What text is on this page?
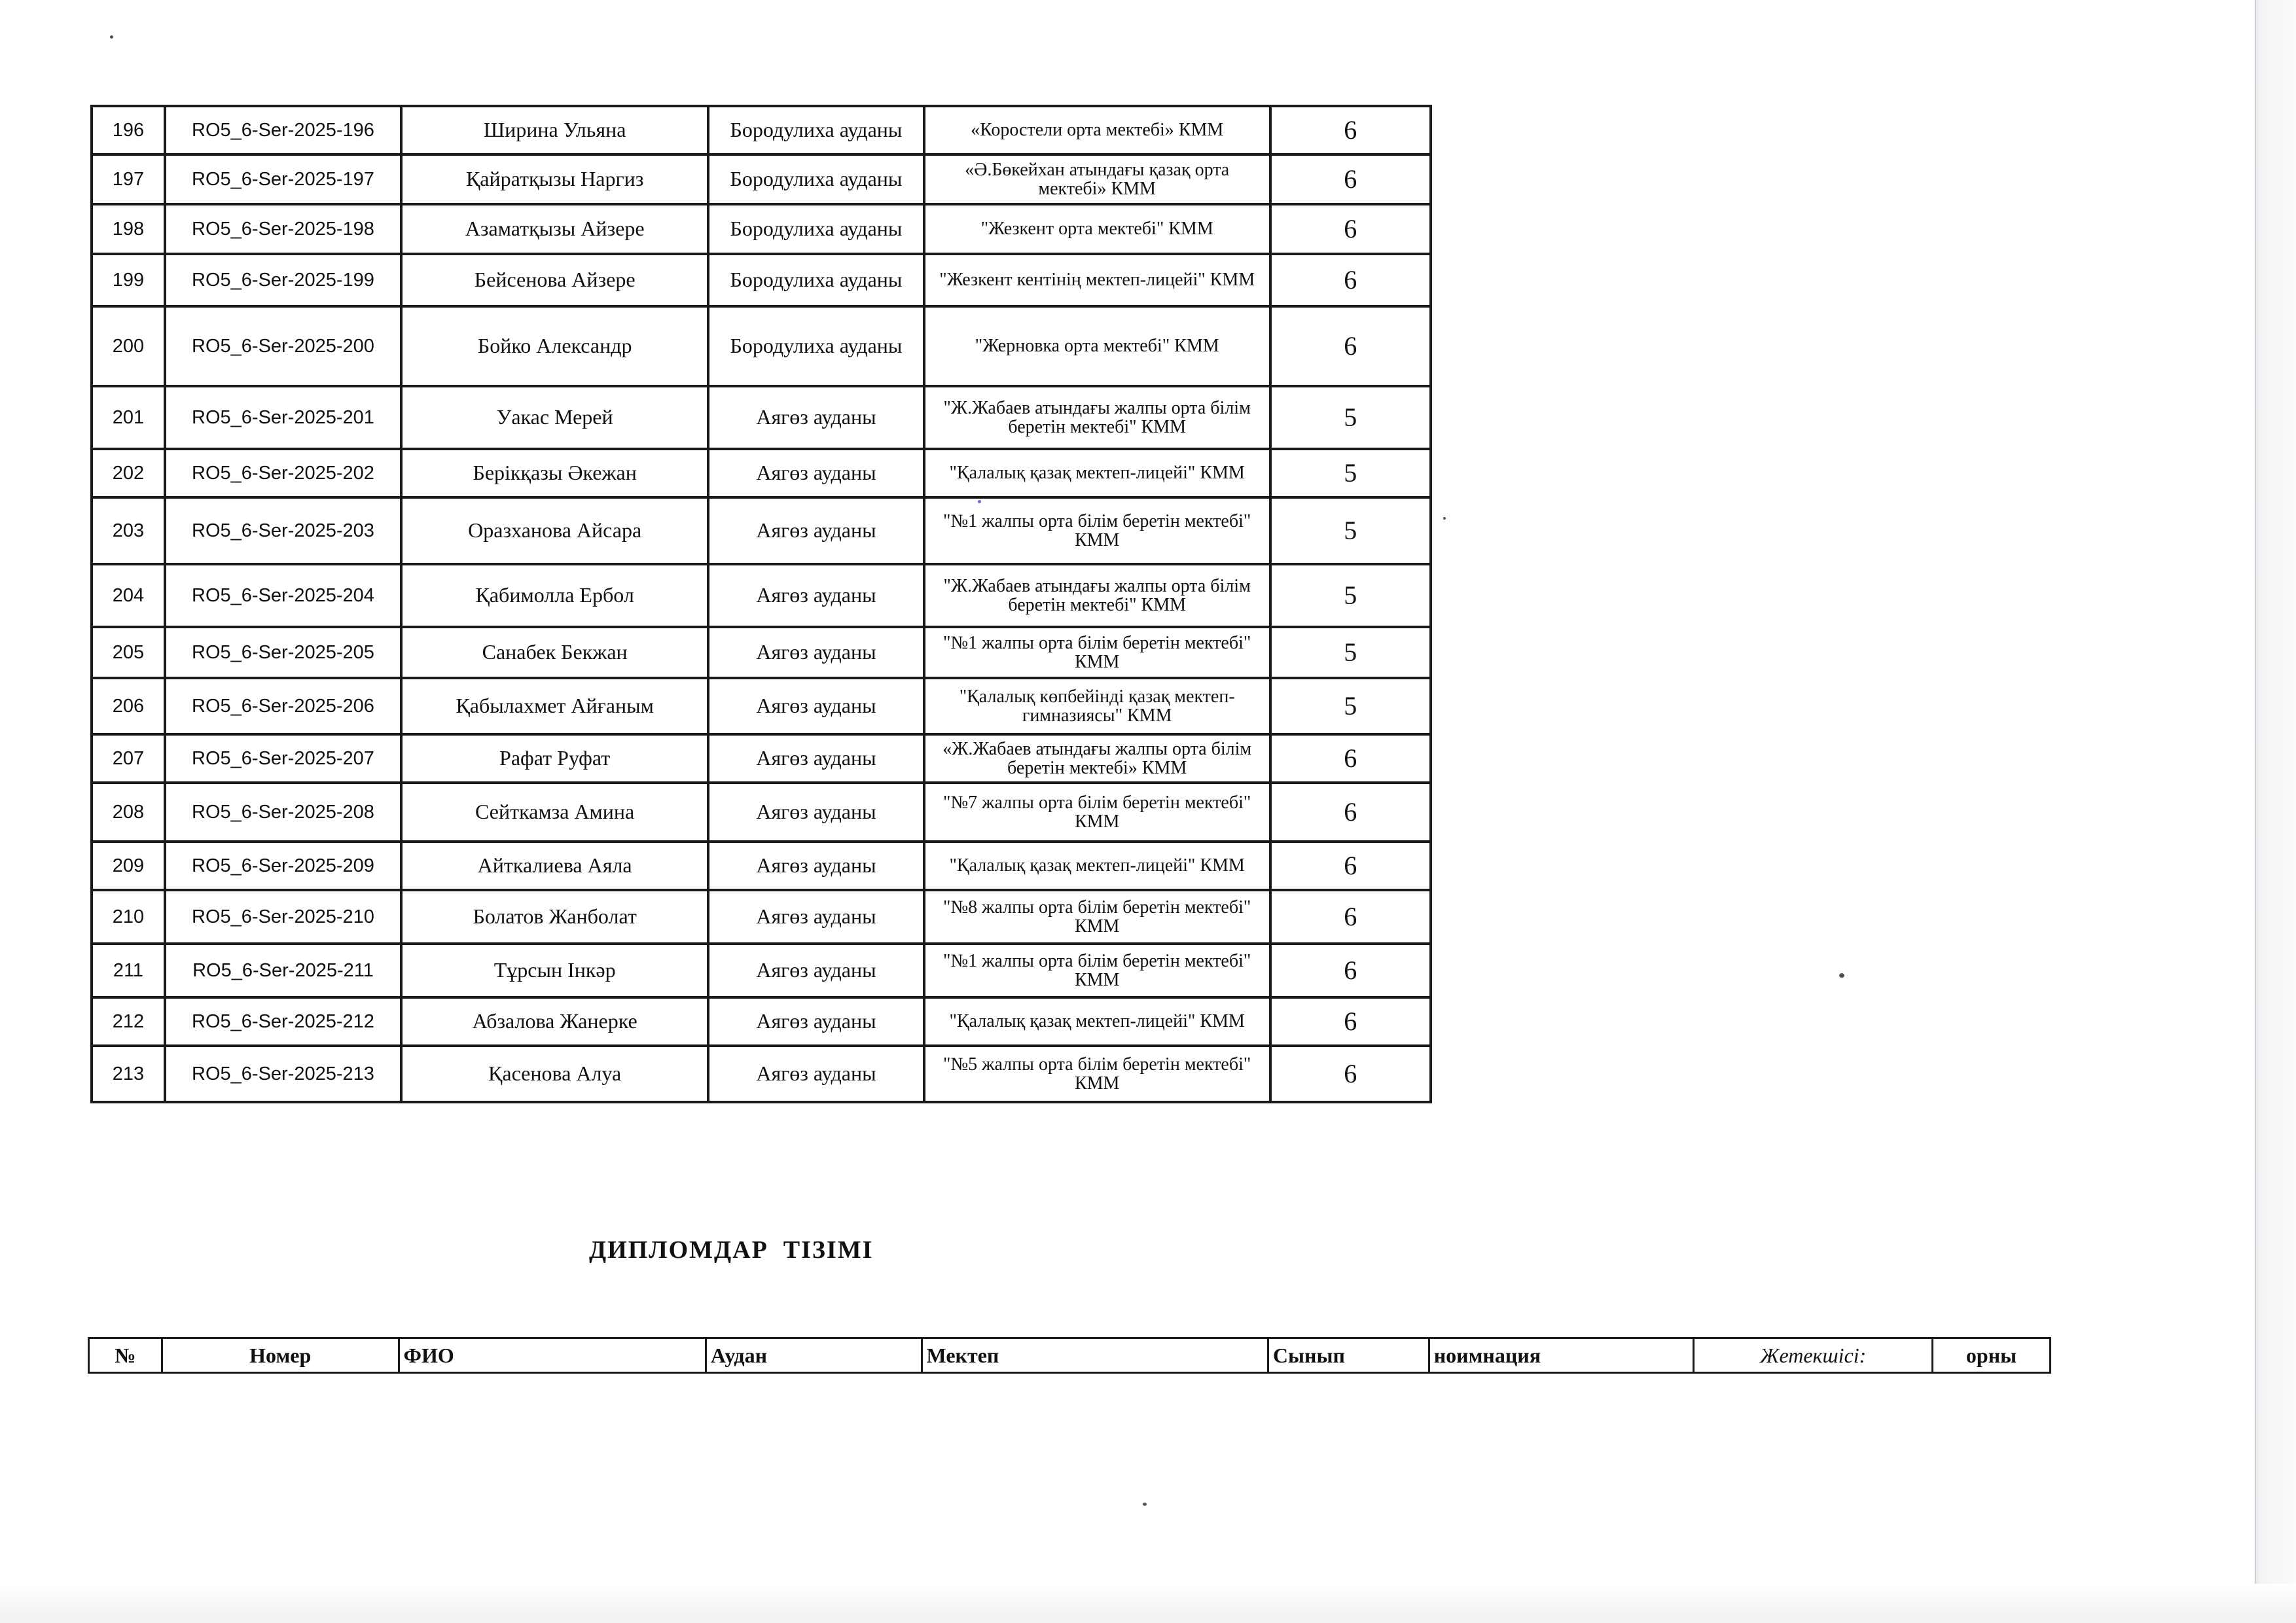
196	RO5_6-Ser-2025-196	Ширина Ульяна	Бородулиха ауданы	«Коростели орта мектебі» КММ	6
197	RO5_6-Ser-2025-197	Қайратқызы Наргиз	Бородулиха ауданы	«Ә.Бөкейхан атындағы қазақ орта мектебі» КММ	6
198	RO5_6-Ser-2025-198	Азаматқызы Айзере	Бородулиха ауданы	"Жезкент орта мектебі" КММ	6
199	RO5_6-Ser-2025-199	Бейсенова Айзере	Бородулиха ауданы	"Жезкент кентінің мектеп-лицейі" КММ	6
200	RO5_6-Ser-2025-200	Бойко Александр	Бородулиха ауданы	"Жерновка орта мектебі" КММ	6
201	RO5_6-Ser-2025-201	Уакас Мерей	Аягөз ауданы	"Ж.Жабаев атындағы жалпы орта білім беретін мектебі" КММ	5
202	RO5_6-Ser-2025-202	Берікқазы Әкежан	Аягөз ауданы	"Қалалық қазақ мектеп-лицейі" КММ	5
203	RO5_6-Ser-2025-203	Оразханова Айсара	Аягөз ауданы	"№1 жалпы орта білім беретін мектебі" КММ	5
204	RO5_6-Ser-2025-204	Қабимолла Ербол	Аягөз ауданы	"Ж.Жабаев атындағы жалпы орта білім беретін мектебі" КММ	5
205	RO5_6-Ser-2025-205	Санабек Бекжан	Аягөз ауданы	"№1 жалпы орта білім беретін мектебі" КММ	5
206	RO5_6-Ser-2025-206	Қабылахмет Айғаным	Аягөз ауданы	"Қалалық көпбейінді қазақ мектеп-гимназиясы" КММ	5
207	RO5_6-Ser-2025-207	Рафат Руфат	Аягөз ауданы	«Ж.Жабаев атындағы жалпы орта білім беретін мектебі» КММ	6
208	RO5_6-Ser-2025-208	Сейткамза Амина	Аягөз ауданы	"№7 жалпы орта білім беретін мектебі" КММ	6
209	RO5_6-Ser-2025-209	Айткалиева Аяла	Аягөз ауданы	"Қалалық қазақ мектеп-лицейі" КММ	6
210	RO5_6-Ser-2025-210	Болатов Жанболат	Аягөз ауданы	"№8 жалпы орта білім беретін мектебі" КММ	6
211	RO5_6-Ser-2025-211	Тұрсын Інкәр	Аягөз ауданы	"№1 жалпы орта білім беретін мектебі" КММ	6
212	RO5_6-Ser-2025-212	Абзалова Жанерке	Аягөз ауданы	"Қалалық қазақ мектеп-лицейі" КММ	6
213	RO5_6-Ser-2025-213	Қасенова Алуа	Аягөз ауданы	"№5 жалпы орта білім беретін мектебі" КММ	6
ДИПЛОМДАР  ТІЗІМІ
№	Номер	ФИО	Аудан	Мектеп	Сынып	ноимнация	Жетекшісі:	орны
